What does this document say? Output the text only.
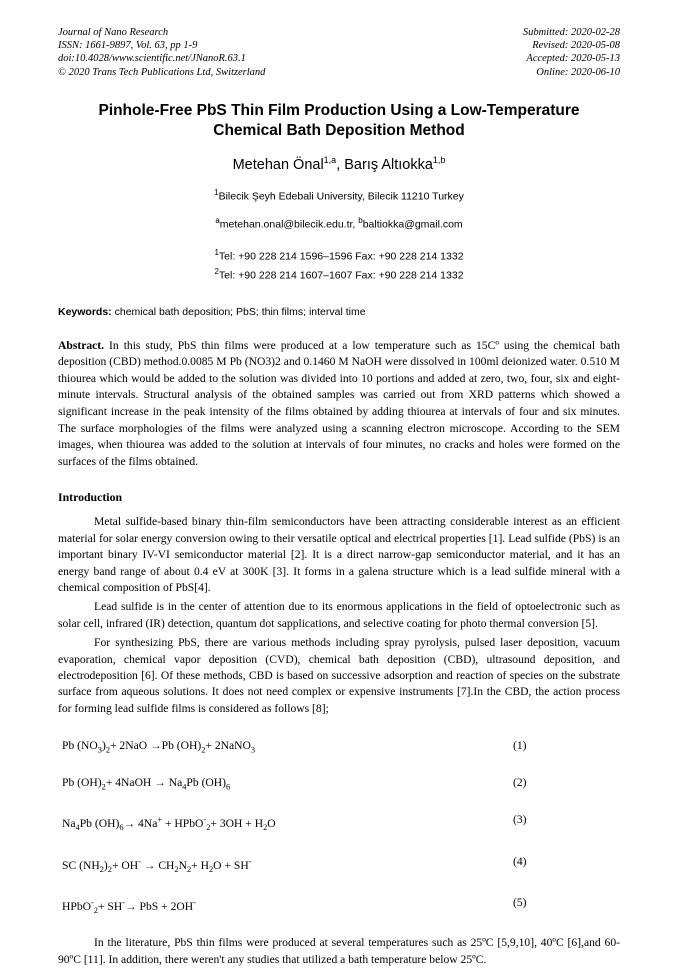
Journal of Nano Research
ISSN: 1661-9897, Vol. 63, pp 1-9
doi:10.4028/www.scientific.net/JNanoR.63.1
© 2020 Trans Tech Publications Ltd, Switzerland
Submitted: 2020-02-28
Revised: 2020-05-08
Accepted: 2020-05-13
Online: 2020-06-10
Pinhole-Free PbS Thin Film Production Using a Low-Temperature
Chemical Bath Deposition Method
Metehan Önal$^{1,a}$, Barış Altıokka$^{1,b}$
$^1$Bilecik Şeyh Edebali University, Bilecik 11210 Turkey
$^a$metehan.onal@bilecik.edu.tr, $^b$baltiokka@gmail.com
$^1$Tel: +90 228 214 1596–1596 Fax: +90 228 214 1332
$^2$Tel: +90 228 214 1607–1607 Fax: +90 228 214 1332
Keywords: chemical bath deposition; PbS; thin films; interval time
Abstract. In this study, PbS thin films were produced at a low temperature such as 15Cº using the chemical bath deposition (CBD) method.0.0085 M Pb (NO3)2 and 0.1460 M NaOH were dissolved in 100ml deionized water. 0.510 M thiourea which would be added to the solution was divided into 10 portions and added at zero, two, four, six and eight-minute intervals. Structural analysis of the obtained samples was carried out from XRD patterns which showed a significant increase in the peak intensity of the films obtained by adding thiourea at intervals of four and six minutes. The surface morphologies of the films were analyzed using a scanning electron microscope. According to the SEM images, when thiourea was added to the solution at intervals of four minutes, no cracks and holes were formed on the surfaces of the films obtained.
Introduction
Metal sulfide-based binary thin-film semiconductors have been attracting considerable interest as an efficient material for solar energy conversion owing to their versatile optical and electrical properties [1]. Lead sulfide (PbS) is an important binary IV-VI semiconductor material [2]. It is a direct narrow-gap semiconductor material, and it has an energy band range of about 0.4 eV at 300K [3]. It forms in a galena structure which is a lead sulfide mineral with a chemical composition of PbS[4].
Lead sulfide is in the center of attention due to its enormous applications in the field of optoelectronic such as solar cell, infrared (IR) detection, quantum dot sapplications, and selective coating for photo thermal conversion [5].
For synthesizing PbS, there are various methods including spray pyrolysis, pulsed laser deposition, vacuum evaporation, chemical vapor deposition (CVD), chemical bath deposition (CBD), ultrasound deposition, and electrodeposition [6]. Of these methods, CBD is based on successive adsorption and reaction of species on the substrate surface from aqueous solutions. It does not need complex or expensive instruments [7].In the CBD, the action process for forming lead sulfide films is considered as follows [8];
Pb $(NO_3)_2+ 2NaO \to Pb$ $(OH)_2+$ 2NaNO$_3$	(1)
Pb $(OH)_2+$ 4NaOH → $Na_4Pb$ $(OH)_6$	(2)
$Na_4Pb$ $(OH)_6\to 4Na^+$ + HPbO-$_2$+ $3OH + H_2O$	(3)
SC $(NH_2)_2+ OH^- \to CH_2N_2+ H_2O + SH^-$	(4)
HPbO-$_2$+ SH-→ PbS + 2OH-	(5)
In the literature, PbS thin films were produced at several temperatures such as 25ºC [5,9,10], 40ºC [6],and 60-90ºC [11]. In addition, there weren't any studies that utilized a bath temperature below 25ºC.
